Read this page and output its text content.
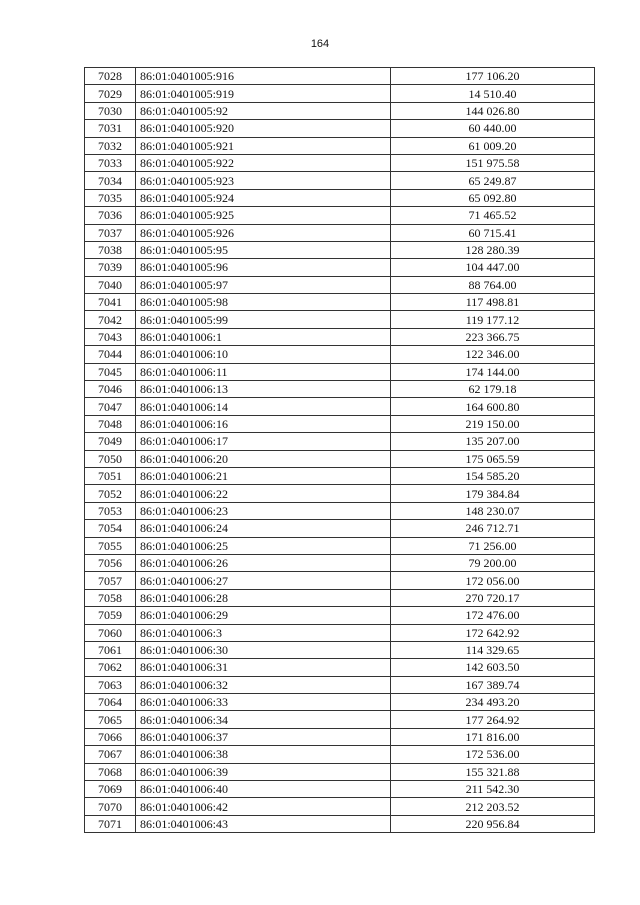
164
7028	86:01:0401005:916	177 106.20
7029	86:01:0401005:919	14 510.40
7030	86:01:0401005:92	144 026.80
7031	86:01:0401005:920	60 440.00
7032	86:01:0401005:921	61 009.20
7033	86:01:0401005:922	151 975.58
7034	86:01:0401005:923	65 249.87
7035	86:01:0401005:924	65 092.80
7036	86:01:0401005:925	71 465.52
7037	86:01:0401005:926	60 715.41
7038	86:01:0401005:95	128 280.39
7039	86:01:0401005:96	104 447.00
7040	86:01:0401005:97	88 764.00
7041	86:01:0401005:98	117 498.81
7042	86:01:0401005:99	119 177.12
7043	86:01:0401006:1	223 366.75
7044	86:01:0401006:10	122 346.00
7045	86:01:0401006:11	174 144.00
7046	86:01:0401006:13	62 179.18
7047	86:01:0401006:14	164 600.80
7048	86:01:0401006:16	219 150.00
7049	86:01:0401006:17	135 207.00
7050	86:01:0401006:20	175 065.59
7051	86:01:0401006:21	154 585.20
7052	86:01:0401006:22	179 384.84
7053	86:01:0401006:23	148 230.07
7054	86:01:0401006:24	246 712.71
7055	86:01:0401006:25	71 256.00
7056	86:01:0401006:26	79 200.00
7057	86:01:0401006:27	172 056.00
7058	86:01:0401006:28	270 720.17
7059	86:01:0401006:29	172 476.00
7060	86:01:0401006:3	172 642.92
7061	86:01:0401006:30	114 329.65
7062	86:01:0401006:31	142 603.50
7063	86:01:0401006:32	167 389.74
7064	86:01:0401006:33	234 493.20
7065	86:01:0401006:34	177 264.92
7066	86:01:0401006:37	171 816.00
7067	86:01:0401006:38	172 536.00
7068	86:01:0401006:39	155 321.88
7069	86:01:0401006:40	211 542.30
7070	86:01:0401006:42	212 203.52
7071	86:01:0401006:43	220 956.84
